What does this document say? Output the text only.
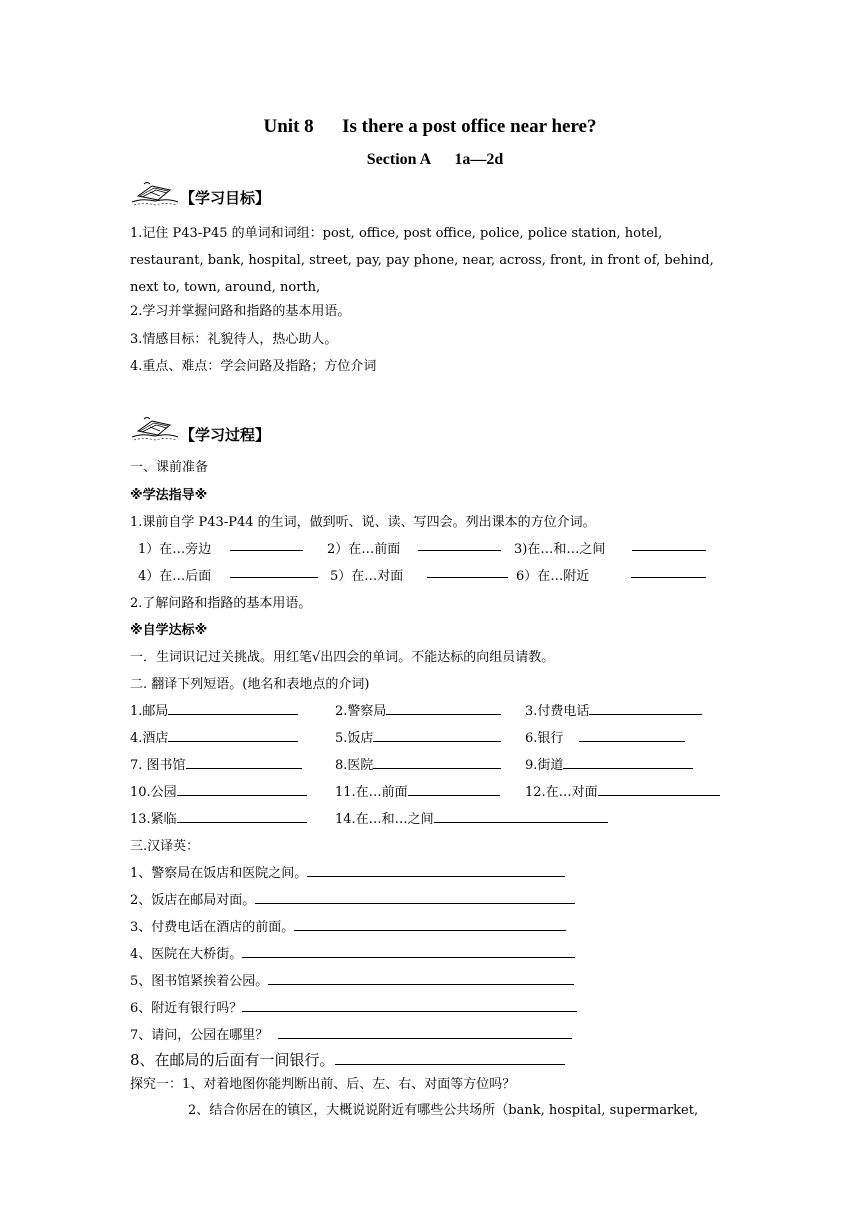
Unit 8      Is there a post office near here?
Section A      1a—2d
【学习目标】
1.记住 P43-P45 的单词和词组：post, office, post office, police, police station, hotel, restaurant, bank, hospital, street, pay, pay phone, near, across, front, in front of, behind, next to, town, around, north,
2.学习并掌握问路和指路的基本用语。
3.情感目标：礼貌待人，热心助人。
4.重点、难点：学会问路及指路；方位介词
【学习过程】
一、课前准备
※学法指导※
1.课前自学 P43-P44 的生词，做到听、说、读、写四会。列出课本的方位介词。
1）在…旁边	2）在…前面	3)在…和…之间
4）在…后面	5）在…对面	6）在…附近
2.了解问路和指路的基本用语。
※自学达标※
一．生词识记过关挑战。用红笔√出四会的单词。不能达标的向组员请教。
二. 翻译下列短语。(地名和表地点的介词)
1.邮局	2.警察局	3.付费电话
4.酒店	5.饭店	6.银行
7. 图书馆	8.医院	9.街道
10.公园	11.在…前面	12.在…对面
13.紧临	14.在…和…之间
三.汉译英：
1、警察局在饭店和医院之间。
2、饭店在邮局对面。
3、付费电话在酒店的前面。
4、医院在大桥街。
5、图书馆紧挨着公园。
6、附近有银行吗？
7、请问，公园在哪里？
8、在邮局的后面有一间银行。
探究一：1、对着地图你能判断出前、后、左、右、对面等方位吗？
2、结合你居在的镇区，大概说说附近有哪些公共场所（bank, hospital, supermarket,
